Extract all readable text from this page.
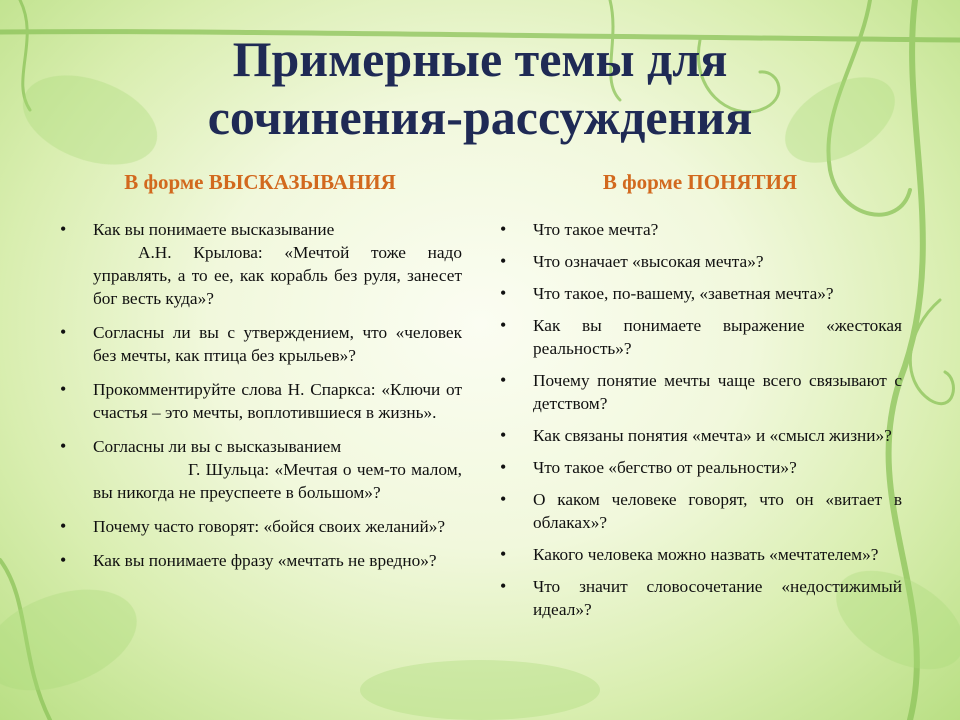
Примерные темы для
сочинения-рассуждения
В форме ВЫСКАЗЫВАНИЯ	В форме ПОНЯТИЯ
• Как вы понимаете высказывание
А.Н. Крылова: «Мечтой тоже надо управлять, а то ее, как корабль без руля, занесет бог весть куда»?
• Согласны ли вы с утверждением, что «человек без мечты, как птица без крыльев»?
• Прокомментируйте слова Н. Спаркса: «Ключи от счастья – это мечты, воплотившиеся в жизнь».
• Согласны ли вы с высказыванием
Г. Шульца: «Мечтая о чем-то малом, вы никогда не преуспеете в большом»?
• Почему часто говорят: «бойся своих желаний»?
• Как вы понимаете фразу «мечтать не вредно»?
• Что такое мечта?
• Что означает «высокая мечта»?
• Что такое, по-вашему, «заветная мечта»?
• Как вы понимаете выражение «жестокая реальность»?
• Почему понятие мечты чаще всего связывают с детством?
• Как связаны понятия «мечта» и «смысл жизни»?
• Что такое «бегство от реальности»?
• О каком человеке говорят, что он «витает в облаках»?
• Какого человека можно назвать «мечтателем»?
• Что значит словосочетание «недостижимый идеал»?
